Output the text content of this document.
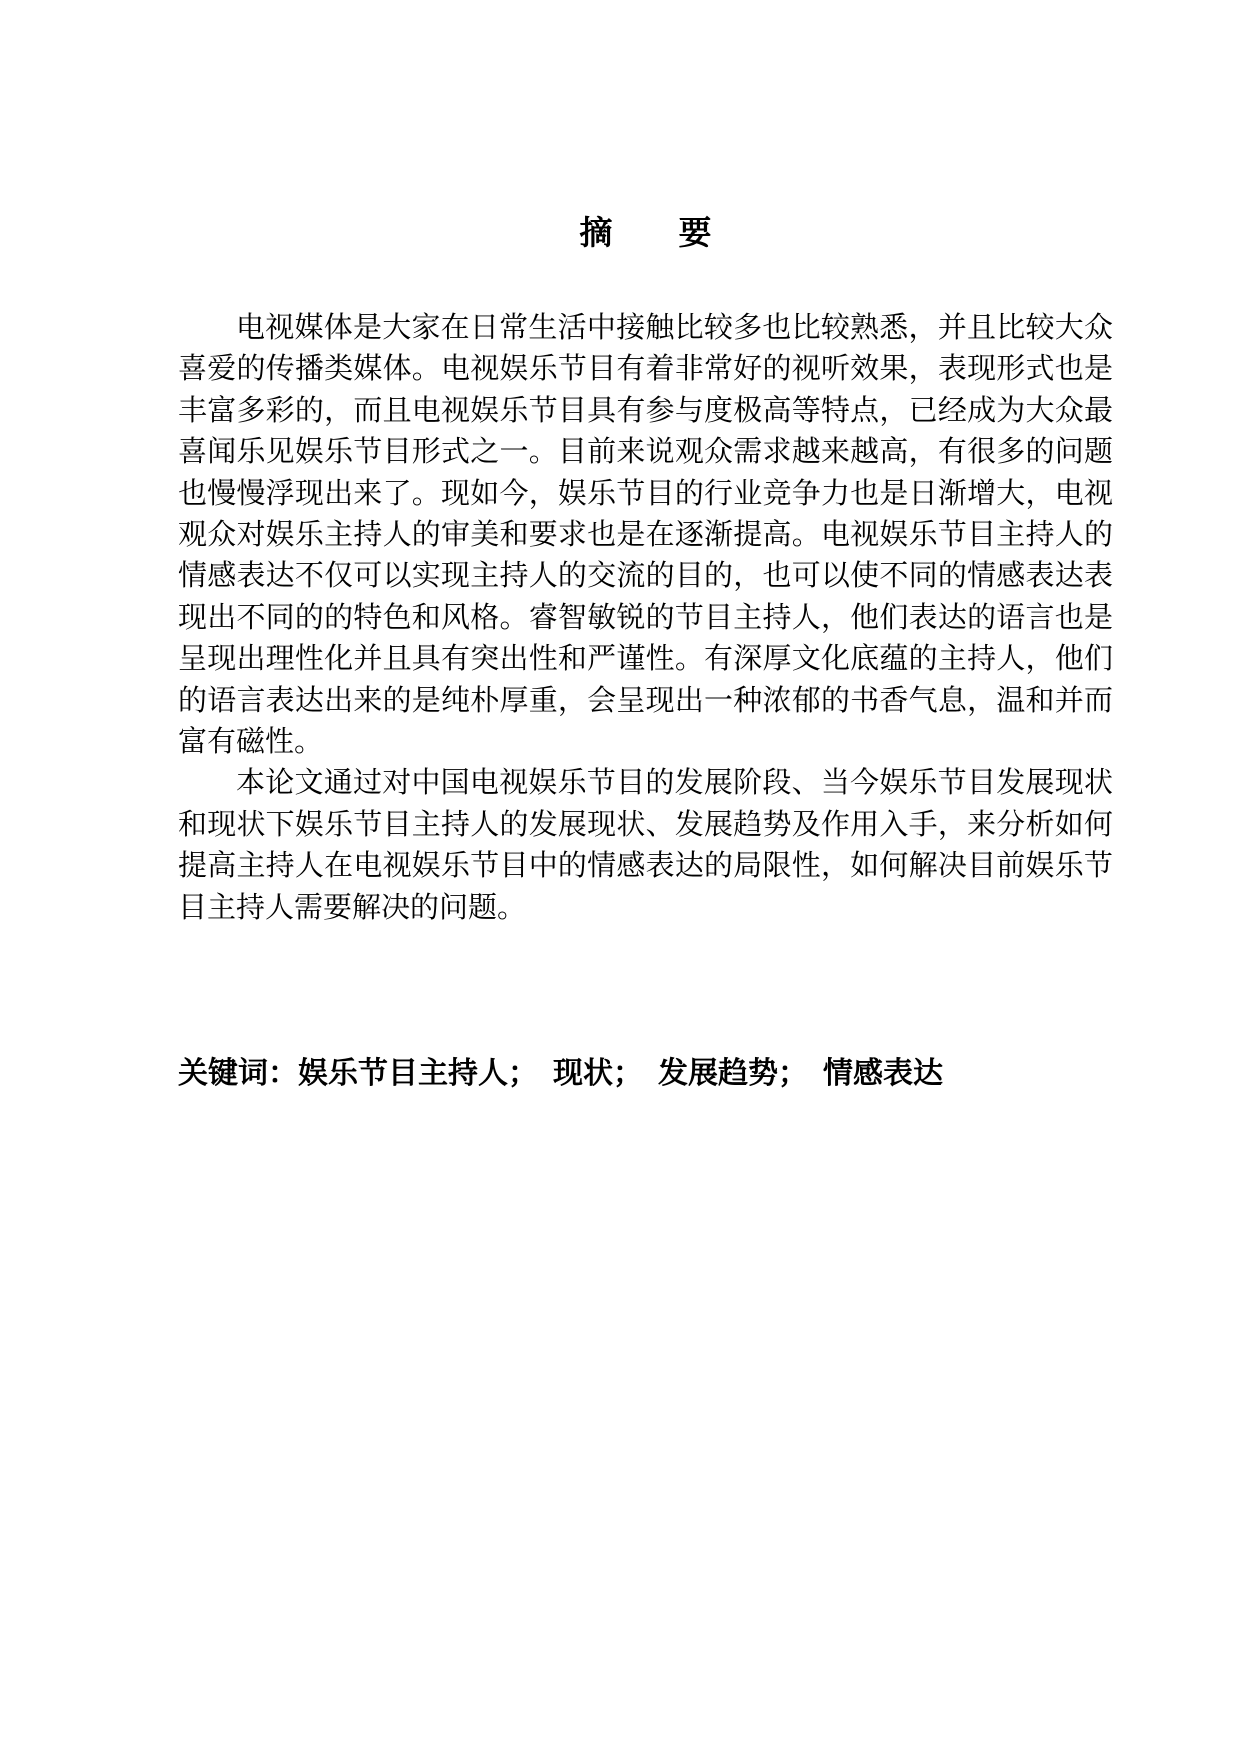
摘　　要

电视媒体是大家在日常生活中接触比较多也比较熟悉，并且比较大众喜爱的传播类媒体。电视娱乐节目有着非常好的视听效果，表现形式也是丰富多彩的，而且电视娱乐节目具有参与度极高等特点，已经成为大众最喜闻乐见娱乐节目形式之一。目前来说观众需求越来越高，有很多的问题也慢慢浮现出来了。现如今，娱乐节目的行业竞争力也是日渐增大，电视观众对娱乐主持人的审美和要求也是在逐渐提高。电视娱乐节目主持人的情感表达不仅可以实现主持人的交流的目的，也可以使不同的情感表达表现出不同的的特色和风格。睿智敏锐的节目主持人，他们表达的语言也是呈现出理性化并且具有突出性和严谨性。有深厚文化底蕴的主持人，他们的语言表达出来的是纯朴厚重，会呈现出一种浓郁的书香气息，温和并而富有磁性。

本论文通过对中国电视娱乐节目的发展阶段、当今娱乐节目发展现状和现状下娱乐节目主持人的发展现状、发展趋势及作用入手，来分析如何提高主持人在电视娱乐节目中的情感表达的局限性，如何解决目前娱乐节目主持人需要解决的问题。

关键词：娱乐节目主持人；　现状；　发展趋势；　情感表达
